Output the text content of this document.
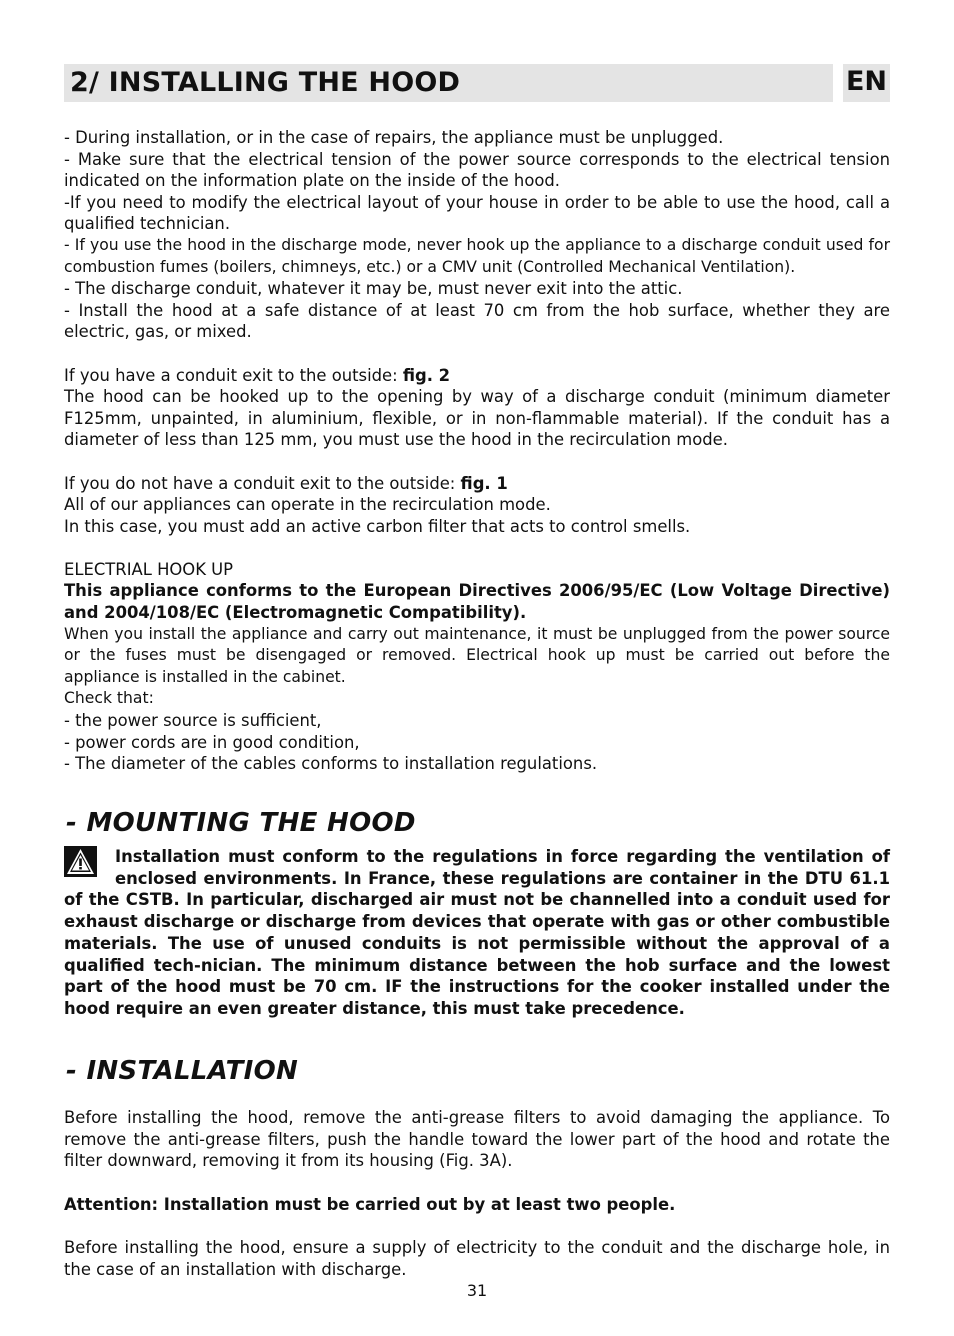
2/ INSTALLING THE HOOD	EN

- During installation, or in the case of repairs, the appliance must be unplugged.

- Make sure that the electrical tension of the power source corresponds to the electrical tension indicated on the information plate on the inside of the hood.

-If you need to modify the electrical layout of your house in order to be able to use the hood, call a qualified technician.

- If you use the hood in the discharge mode, never hook up the appliance to a discharge conduit used for combustion fumes (boilers, chimneys, etc.) or a CMV unit (Controlled Mechanical Ventilation).

- The discharge conduit, whatever it may be, must never exit into the attic.

- Install the hood at a safe distance of at least 70 cm from the hob surface, whether they are electric, gas, or mixed.

If you have a conduit exit to the outside: fig. 2

The hood can be hooked up to the opening by way of a discharge conduit (minimum diameter F125mm, unpainted, in aluminium, flexible, or in non-flammable material). If the conduit has a diameter of less than 125 mm, you must use the hood in the recirculation mode.

If you do not have a conduit exit to the outside: fig. 1

All of our appliances can operate in the recirculation mode.

In this case, you must add an active carbon filter that acts to control smells.

ELECTRIAL HOOK UP

This appliance conforms to the European Directives 2006/95/EC (Low Voltage Directive) and 2004/108/EC (Electromagnetic Compatibility).

When you install the appliance and carry out maintenance, it must be unplugged from the power source or the fuses must be disengaged or removed. Electrical hook up must be carried out before the appliance is installed in the cabinet.

Check that:

- the power source is sufficient,

- power cords are in good condition,

- The diameter of the cables conforms to installation regulations.

- MOUNTING THE HOOD
Installation must conform to the regulations in force regarding the ventilation of enclosed environments. In France, these regulations are container in the DTU 61.1 of the CSTB. In particular, discharged air must not be channelled into a conduit used for exhaust discharge or discharge from devices that operate with gas or other combustible materials. The use of unused conduits is not permissible without the approval of a qualified tech-nician. The minimum distance between the hob surface and the lowest part of the hood must be 70 cm. IF the instructions for the cooker installed under the hood require an even greater distance, this must take precedence.
- INSTALLATION

Before installing the hood, remove the anti-grease filters to avoid damaging the appliance. To remove the anti-grease filters, push the handle toward the lower part of the hood and rotate the filter downward, removing it from its housing (Fig. 3A).

Attention: Installation must be carried out by at least two people.

Before installing the hood, ensure a supply of electricity to the conduit and the discharge hole, in the case of an installation with discharge.

31
